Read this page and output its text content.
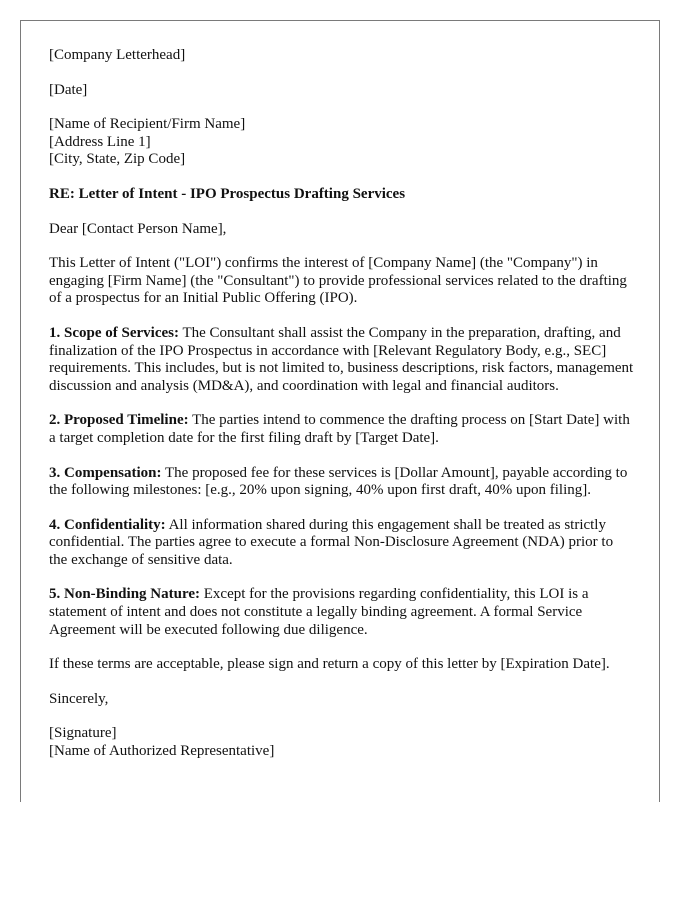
[Company Letterhead]

[Date]

[Name of Recipient/Firm Name]
[Address Line 1]
[City, State, Zip Code]

RE: Letter of Intent - IPO Prospectus Drafting Services

Dear [Contact Person Name],

This Letter of Intent ("LOI") confirms the interest of [Company Name] (the "Company") in engaging [Firm Name] (the "Consultant") to provide professional services related to the drafting of a prospectus for an Initial Public Offering (IPO).

1. Scope of Services: The Consultant shall assist the Company in the preparation, drafting, and finalization of the IPO Prospectus in accordance with [Relevant Regulatory Body, e.g., SEC] requirements. This includes, but is not limited to, business descriptions, risk factors, management discussion and analysis (MD&A), and coordination with legal and financial auditors.

2. Proposed Timeline: The parties intend to commence the drafting process on [Start Date] with a target completion date for the first filing draft by [Target Date].

3. Compensation: The proposed fee for these services is [Dollar Amount], payable according to the following milestones: [e.g., 20% upon signing, 40% upon first draft, 40% upon filing].

4. Confidentiality: All information shared during this engagement shall be treated as strictly confidential. The parties agree to execute a formal Non-Disclosure Agreement (NDA) prior to the exchange of sensitive data.

5. Non-Binding Nature: Except for the provisions regarding confidentiality, this LOI is a statement of intent and does not constitute a legally binding agreement. A formal Service Agreement will be executed following due diligence.

If these terms are acceptable, please sign and return a copy of this letter by [Expiration Date].

Sincerely,

[Signature]
[Name of Authorized Representative]
